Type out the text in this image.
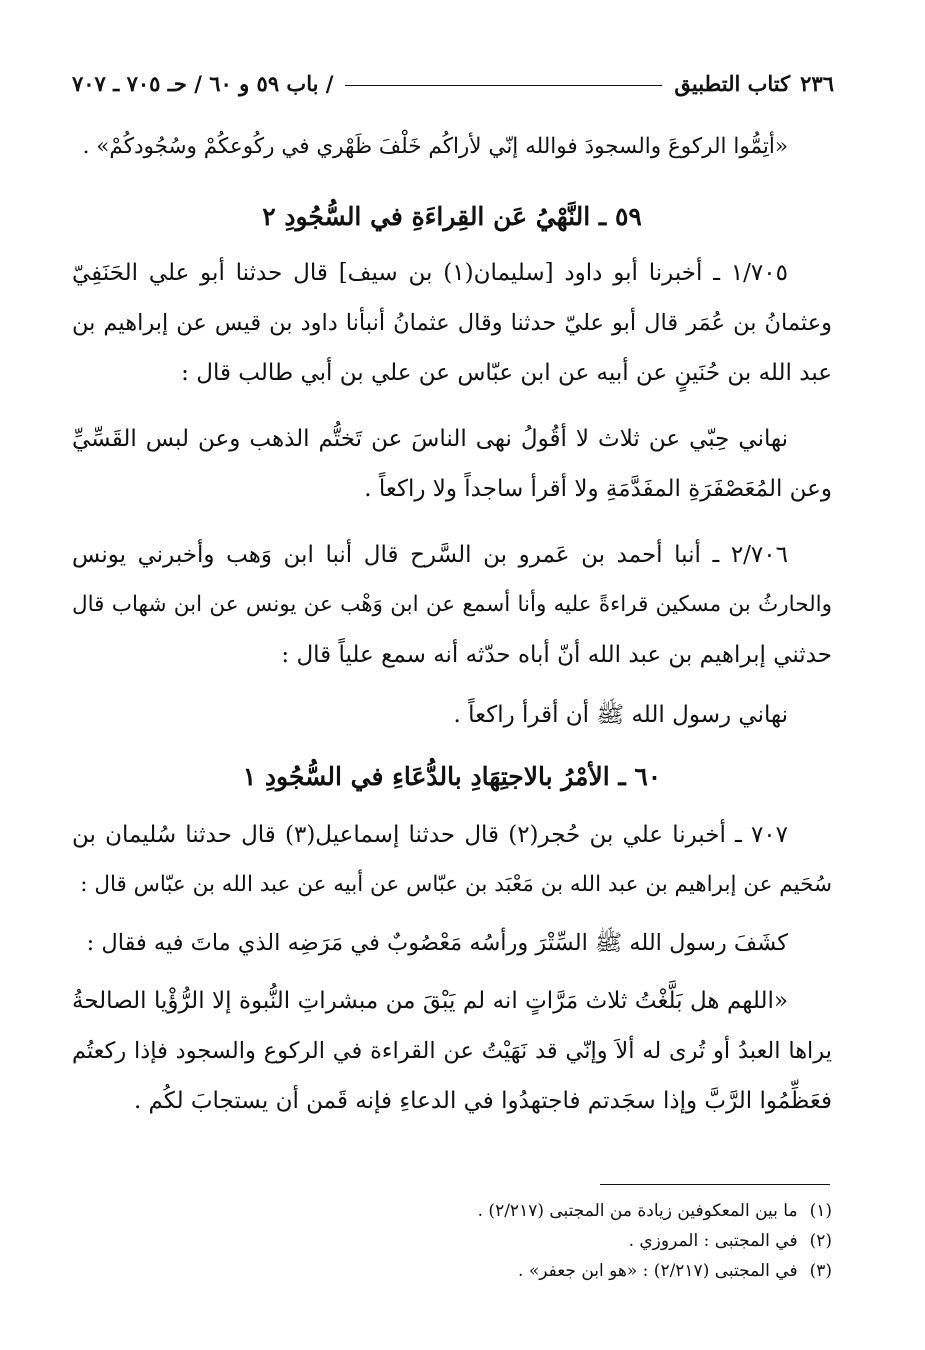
٢٣٦
كتاب التطبيق
/ باب ٥٩ و ٦٠ / حـ ٧٠٥ ـ ٧٠٧
«أتِمُّوا الركوعَ والسجودَ فوالله إنّي لأراكُم خَلْفَ ظَهْري في ركُوعكُمْ وسُجُودكُمْ» .
٥٩ ـ النَّهْيُ عَن القِراءَةِ في السُّجُودِ ٢
١/٧٠٥ ـ أخبرنا أبو داود [سليمان(١) بن سيف] قال حدثنا أبو علي الحَنَفِيّ
وعثمانُ بن عُمَر قال أبو عليّ حدثنا وقال عثمانُ أنبأنا داود بن قيس عن إبراهيم بن
عبد الله بن حُنَينٍ عن أبيه عن ابن عبّاس عن علي بن أبي طالب قال :
نهاني حِبّي عن ثلاث لا أقُولُ نهى الناسَ عن تَختُّم الذهب وعن لبس القَسِّيِّ
وعن المُعَصْفَرَةِ المفَدَّمَةِ ولا أقرأ ساجداً ولا راكعاً .
٢/٧٠٦ ـ أنبا أحمد بن عَمرو بن السَّرح قال أنبا ابن وَهب وأخبرني يونس
والحارثُ بن مسكين قراءةً عليه وأنا أسمع عن ابن وَهْب عن يونس عن ابن شهاب قال
حدثني إبراهيم بن عبد الله أنّ أباه حدّثه أنه سمع علياً قال :
نهاني رسول الله ﷺ أن أقرأ راكعاً .
٦٠ ـ الأمْرُ بالاجتِهَادِ بالدُّعَاءِ في السُّجُودِ ١
٧٠٧ ـ أخبرنا علي بن حُجر(٢) قال حدثنا إسماعيل(٣) قال حدثنا سُليمان بن
سُحَيم عن إبراهيم بن عبد الله بن مَعْبَد بن عبّاس عن أبيه عن عبد الله بن عبّاس قال :
كشَفَ رسول الله ﷺ السِّتْرَ ورأسُه مَعْصُوبٌ في مَرَضِه الذي ماتَ فيه فقال :
«اللهم هل بَلَّغْتُ ثلاث مَرَّاتٍ انه لم يَبْقَ من مبشراتِ النُّبوة إلا الرُّؤْيا الصالحةُ
يراها العبدُ أو تُرى له ألاَ وإنّي قد نَهَيْتُ عن القراءة في الركوع والسجود فإذا ركعتُم
فعَظِّمُوا الرَّبَّ وإذا سجَدتم فاجتهدُوا في الدعاءِ فإنه قَمن أن يستجابَ لكُم .
(١)ما بين المعكوفين زيادة من المجتبى (٢/٢١٧) .
(٢)في المجتبى : المروزي .
(٣)في المجتبى (٢/٢١٧) : «هو ابن جعفر» .
